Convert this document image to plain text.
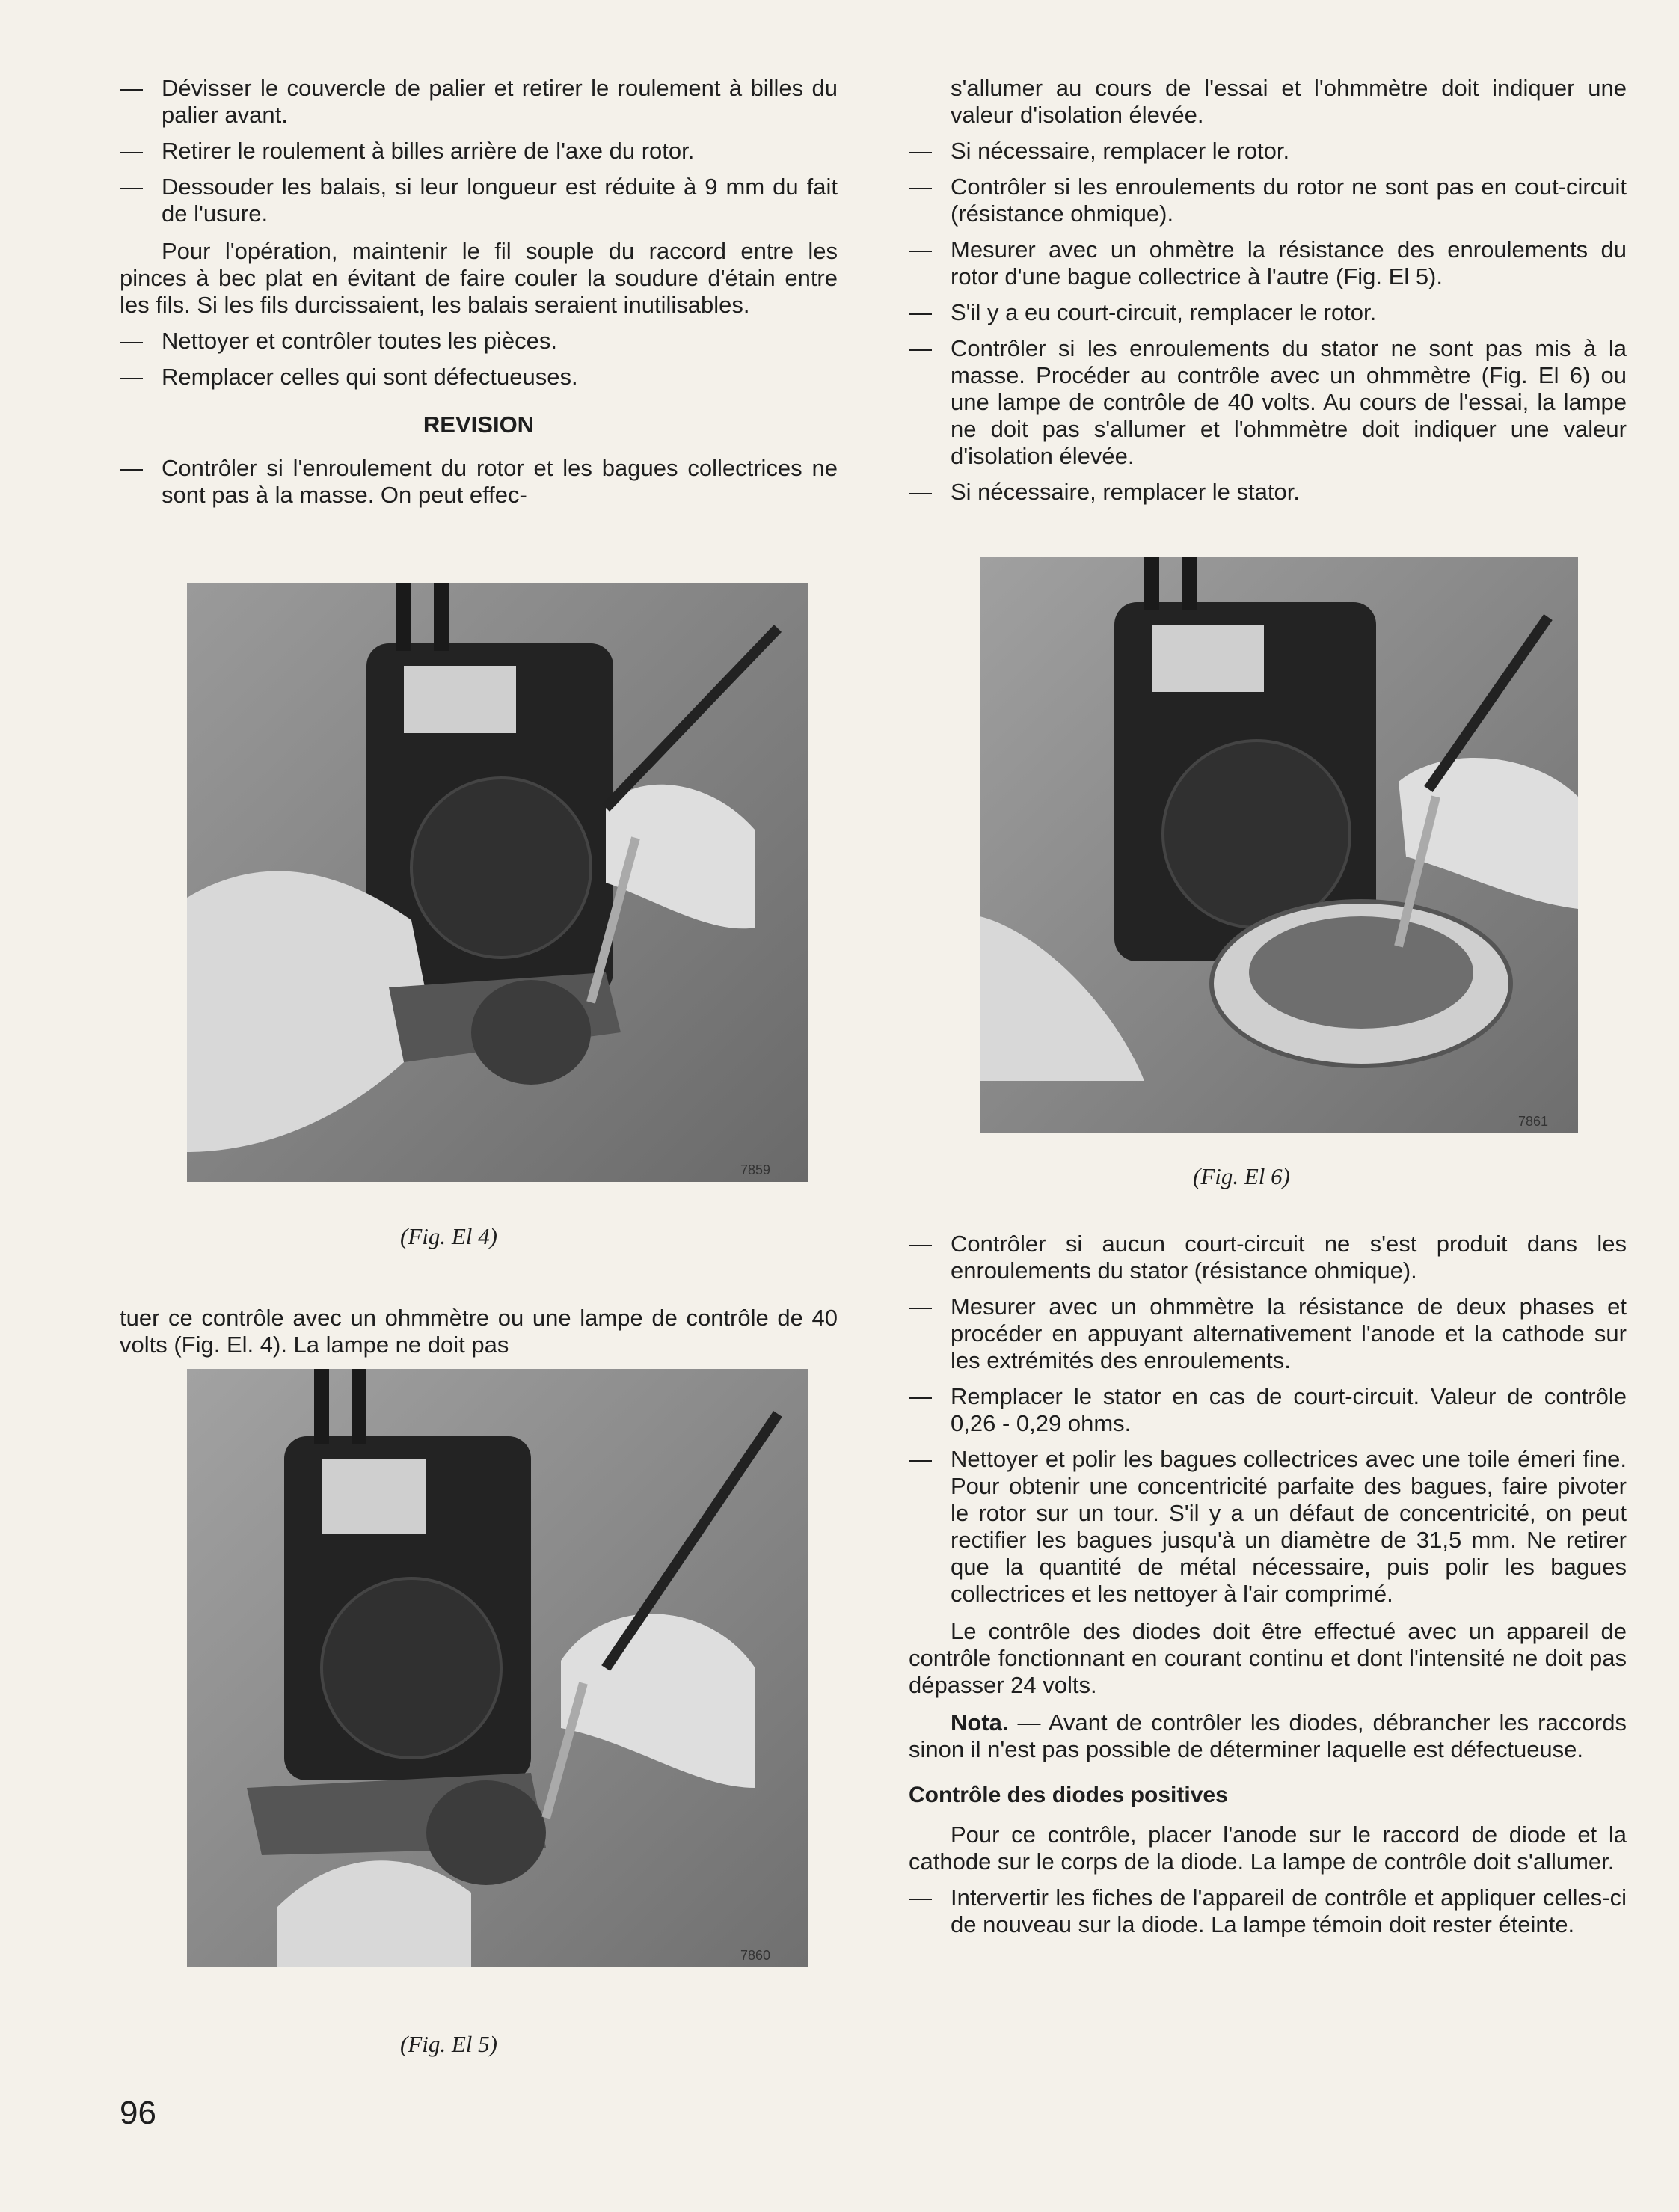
— Dévisser le couvercle de palier et retirer le roulement à billes du palier avant.
— Retirer le roulement à billes arrière de l'axe du rotor.
— Dessouder les balais, si leur longueur est réduite à 9 mm du fait de l'usure.
Pour l'opération, maintenir le fil souple du raccord entre les pinces à bec plat en évitant de faire couler la soudure d'étain entre les fils. Si les fils durcissaient, les balais seraient inutilisables.
— Nettoyer et contrôler toutes les pièces.
— Remplacer celles qui sont défectueuses.
REVISION
— Contrôler si l'enroulement du rotor et les bagues collectrices ne sont pas à la masse. On peut effec-
7859
(Fig. El 4)
tuer ce contrôle avec un ohmmètre ou une lampe de contrôle de 40 volts (Fig. El. 4). La lampe ne doit pas
7860
(Fig. El 5)
s'allumer au cours de l'essai et l'ohmmètre doit indiquer une valeur d'isolation élevée.
— Si nécessaire, remplacer le rotor.
— Contrôler si les enroulements du rotor ne sont pas en cout-circuit (résistance ohmique).
— Mesurer avec un ohmètre la résistance des enroulements du rotor d'une bague collectrice à l'autre (Fig. El 5).
— S'il y a eu court-circuit, remplacer le rotor.
— Contrôler si les enroulements du stator ne sont pas mis à la masse. Procéder au contrôle avec un ohmmètre (Fig. El 6) ou une lampe de contrôle de 40 volts. Au cours de l'essai, la lampe ne doit pas s'allumer et l'ohmmètre doit indiquer une valeur d'isolation élevée.
— Si nécessaire, remplacer le stator.
7861
(Fig. El 6)
— Contrôler si aucun court-circuit ne s'est produit dans les enroulements du stator (résistance ohmique).
— Mesurer avec un ohmmètre la résistance de deux phases et procéder en appuyant alternativement l'anode et la cathode sur les extrémités des enroulements.
— Remplacer le stator en cas de court-circuit. Valeur de contrôle 0,26 - 0,29 ohms.
— Nettoyer et polir les bagues collectrices avec une toile émeri fine. Pour obtenir une concentricité parfaite des bagues, faire pivoter le rotor sur un tour. S'il y a un défaut de concentricité, on peut rectifier les bagues jusqu'à un diamètre de 31,5 mm. Ne retirer que la quantité de métal nécessaire, puis polir les bagues collectrices et les nettoyer à l'air comprimé.
Le contrôle des diodes doit être effectué avec un appareil de contrôle fonctionnant en courant continu et dont l'intensité ne doit pas dépasser 24 volts.
Nota. — Avant de contrôler les diodes, débrancher les raccords sinon il n'est pas possible de déterminer laquelle est défectueuse.
Contrôle des diodes positives
Pour ce contrôle, placer l'anode sur le raccord de diode et la cathode sur le corps de la diode. La lampe de contrôle doit s'allumer.
— Intervertir les fiches de l'appareil de contrôle et appliquer celles-ci de nouveau sur la diode. La lampe témoin doit rester éteinte.
96
